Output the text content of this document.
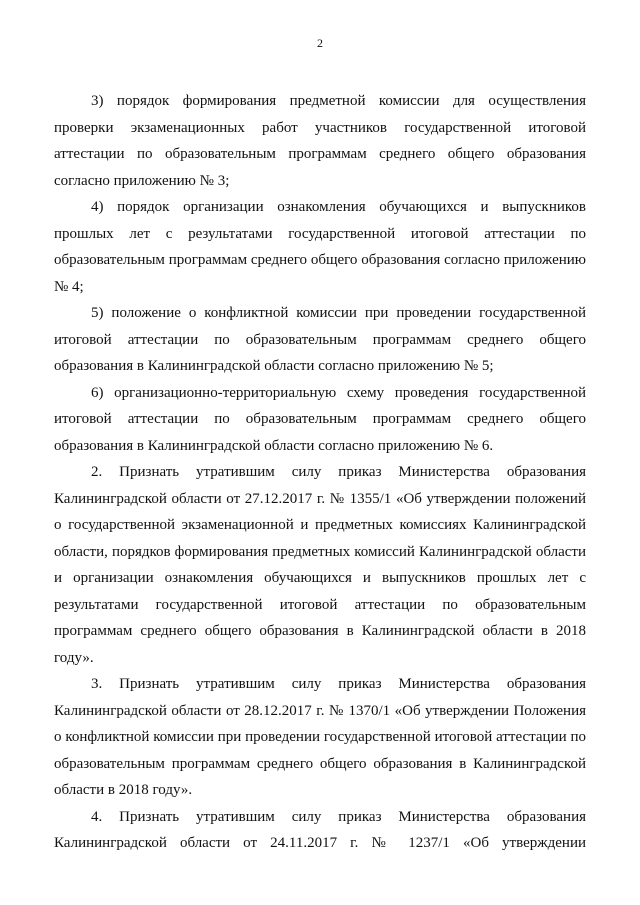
2

3) порядок формирования предметной комиссии для осуществления проверки экзаменационных работ участников государственной итоговой аттестации по образовательным программам среднего общего образования согласно приложению № 3;

4) порядок организации ознакомления обучающихся и выпускников прошлых лет с результатами государственной итоговой аттестации по образовательным программам среднего общего образования согласно приложению № 4;

5) положение о конфликтной комиссии при проведении государственной итоговой аттестации по образовательным программам среднего общего образования в Калининградской области согласно приложению № 5;

6) организационно-территориальную схему проведения государственной итоговой аттестации по образовательным программам среднего общего образования в Калининградской области согласно приложению № 6.

2. Признать утратившим силу приказ Министерства образования Калининградской области от 27.12.2017 г. № 1355/1 «Об утверждении положений о государственной экзаменационной и предметных комиссиях Калининградской области, порядков формирования предметных комиссий Калининградской области и организации ознакомления обучающихся и выпускников прошлых лет с результатами государственной итоговой аттестации по образовательным программам среднего общего образования в Калининградской области в 2018 году».

3. Признать утратившим силу приказ Министерства образования Калининградской области от 28.12.2017 г. № 1370/1 «Об утверждении Положения о конфликтной комиссии при проведении государственной итоговой аттестации по образовательным программам среднего общего образования в Калининградской области в 2018 году».

4. Признать утратившим силу приказ Министерства образования Калининградской области от 24.11.2017 г. № 1237/1 «Об утверждении
